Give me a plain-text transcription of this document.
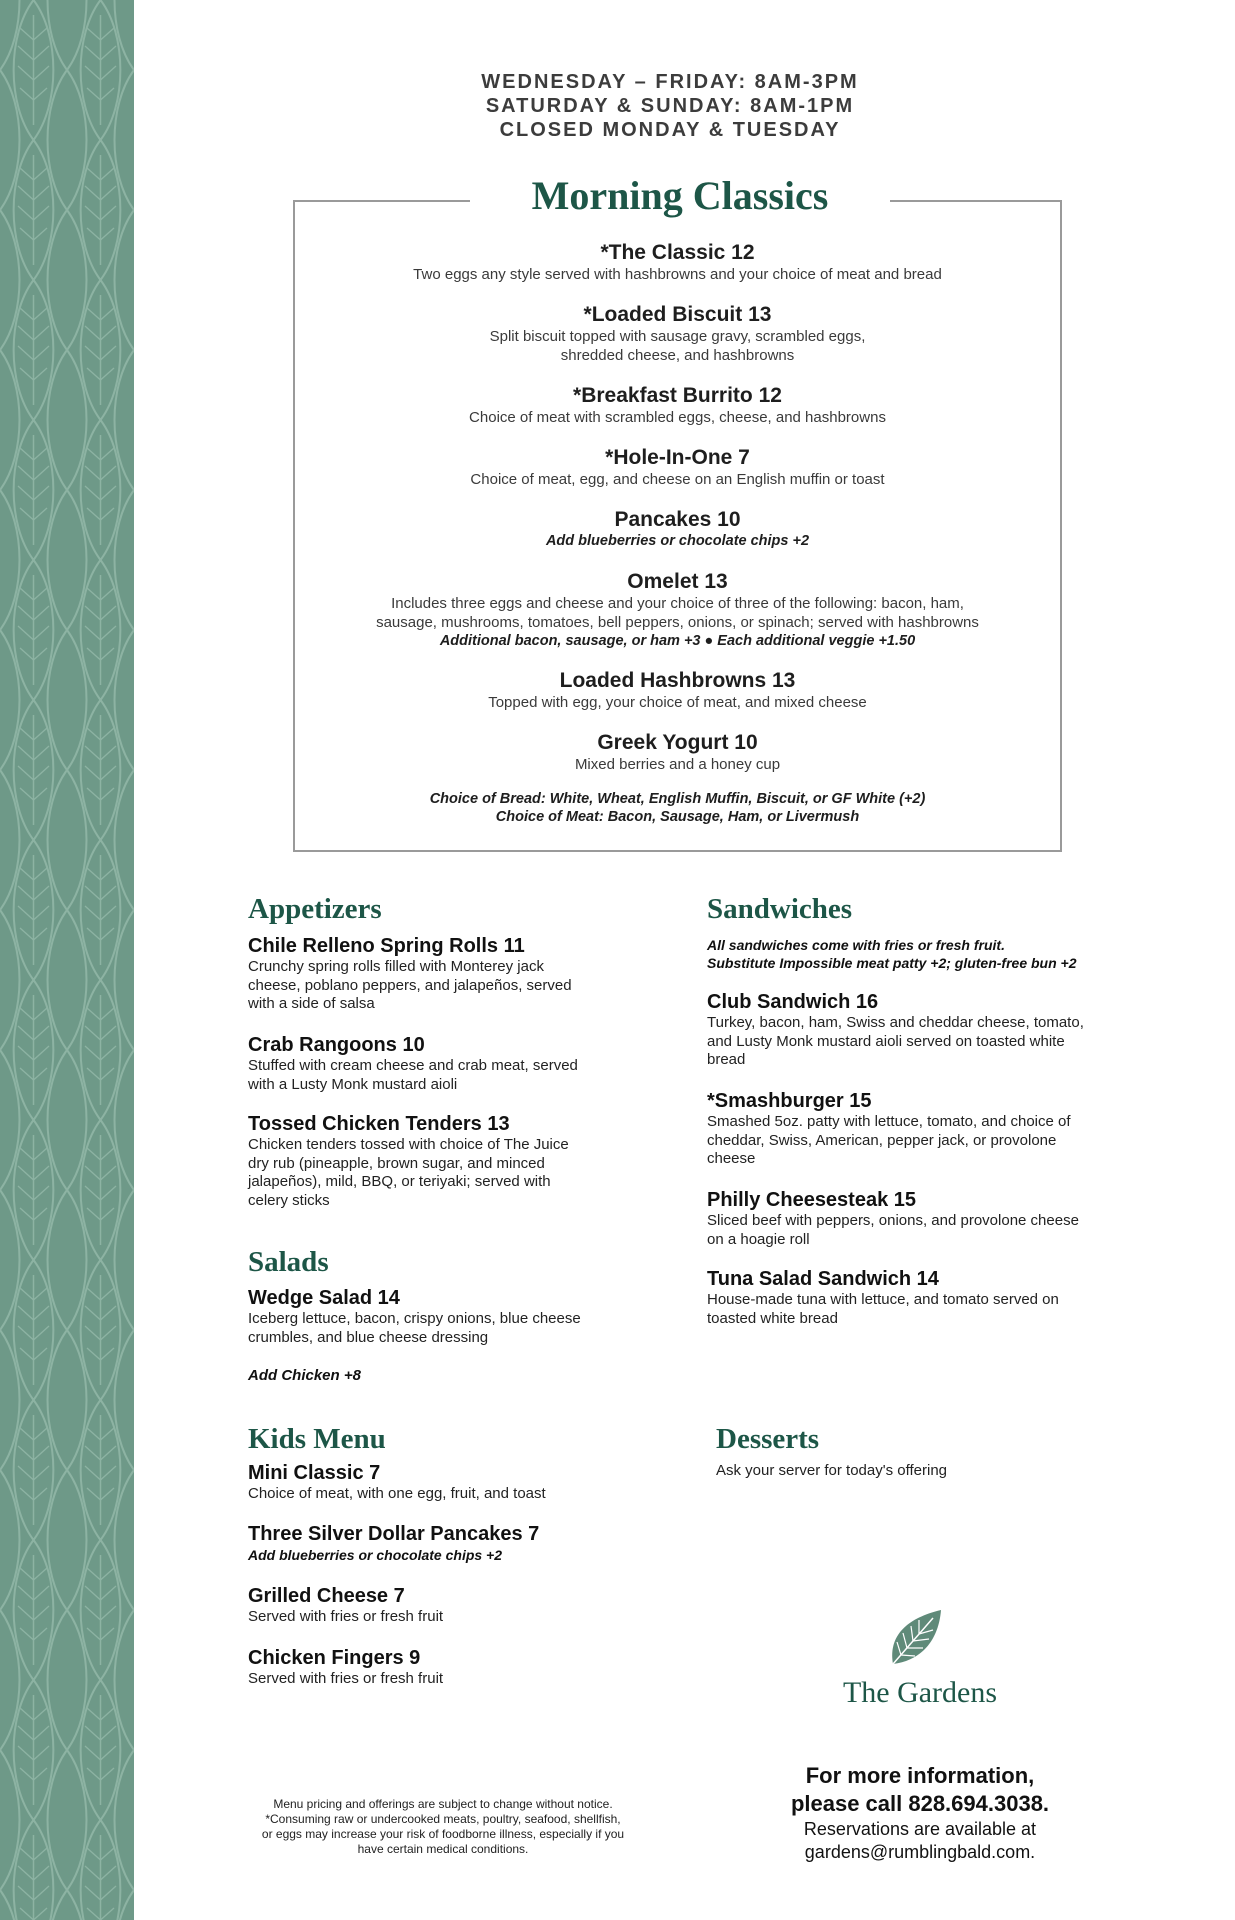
WEDNESDAY – FRIDAY: 8AM-3PM
SATURDAY & SUNDAY: 8AM-1PM
CLOSED MONDAY & TUESDAY
Morning Classics
*The Classic 12
Two eggs any style served with hashbrowns and your choice of meat and bread
*Loaded Biscuit 13
Split biscuit topped with sausage gravy, scrambled eggs,
shredded cheese, and hashbrowns
*Breakfast Burrito 12
Choice of meat with scrambled eggs, cheese, and hashbrowns
*Hole-In-One 7
Choice of meat, egg, and cheese on an English muffin or toast
Pancakes 10
Add blueberries or chocolate chips +2
Omelet 13
Includes three eggs and cheese and your choice of three of the following: bacon, ham,
sausage, mushrooms, tomatoes, bell peppers, onions, or spinach; served with hashbrowns
Additional bacon, sausage, or ham +3 ● Each additional veggie +1.50
Loaded Hashbrowns 13
Topped with egg, your choice of meat, and mixed cheese
Greek Yogurt 10
Mixed berries and a honey cup
Choice of Bread: White, Wheat, English Muffin, Biscuit, or GF White (+2)
Choice of Meat: Bacon, Sausage, Ham, or Livermush
Appetizers
Chile Relleno Spring Rolls 11
Crunchy spring rolls filled with Monterey jack
cheese, poblano peppers, and jalapeños, served
with a side of salsa
Crab Rangoons 10
Stuffed with cream cheese and crab meat, served
with a Lusty Monk mustard aioli
Tossed Chicken Tenders 13
Chicken tenders tossed with choice of The Juice
dry rub (pineapple, brown sugar, and minced
jalapeños), mild, BBQ, or teriyaki; served with
celery sticks
Salads
Wedge Salad 14
Iceberg lettuce, bacon, crispy onions, blue cheese
crumbles, and blue cheese dressing
Add Chicken +8
Sandwiches
All sandwiches come with fries or fresh fruit.
Substitute Impossible meat patty +2; gluten-free bun +2
Club Sandwich 16
Turkey, bacon, ham, Swiss and cheddar cheese, tomato,
and Lusty Monk mustard aioli served on toasted white
bread
*Smashburger 15
Smashed 5oz. patty with lettuce, tomato, and choice of
cheddar, Swiss, American, pepper jack, or provolone
cheese
Philly Cheesesteak 15
Sliced beef with peppers, onions, and provolone cheese
on a hoagie roll
Tuna Salad Sandwich 14
House-made tuna with lettuce, and tomato served on
toasted white bread
Kids Menu
Mini Classic 7
Choice of meat, with one egg, fruit, and toast
Three Silver Dollar Pancakes 7
Add blueberries or chocolate chips +2
Grilled Cheese 7
Served with fries or fresh fruit
Chicken Fingers 9
Served with fries or fresh fruit
Desserts
Ask your server for today's offering
The Gardens
Menu pricing and offerings are subject to change without notice.
*Consuming raw or undercooked meats, poultry, seafood, shellfish,
or eggs may increase your risk of foodborne illness, especially if you
have certain medical conditions.
For more information,
please call 828.694.3038.
Reservations are available at
gardens@rumblingbald.com.
